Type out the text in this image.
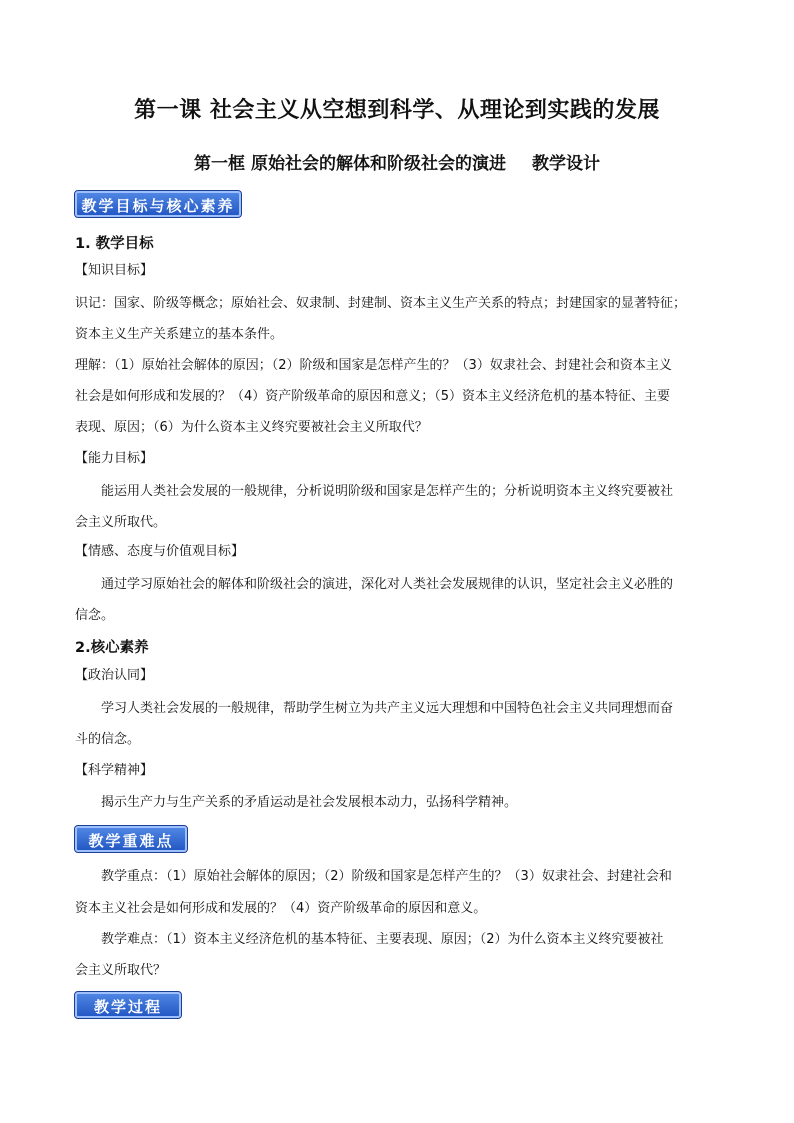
第一课 社会主义从空想到科学、从理论到实践的发展
第一框 原始社会的解体和阶级社会的演进 教学设计
教学目标与核心素养
1. 教学目标
【知识目标】
识记：国家、阶级等概念；原始社会、奴隶制、封建制、资本主义生产关系的特点；封建国家的显著特征；
资本主义生产关系建立的基本条件。
理解：（1）原始社会解体的原因；（2）阶级和国家是怎样产生的？（3）奴隶社会、封建社会和资本主义
社会是如何形成和发展的？（4）资产阶级革命的原因和意义；（5）资本主义经济危机的基本特征、主要
表现、原因；（6）为什么资本主义终究要被社会主义所取代？
【能力目标】
能运用人类社会发展的一般规律，分析说明阶级和国家是怎样产生的；分析说明资本主义终究要被社
会主义所取代。
【情感、态度与价值观目标】
通过学习原始社会的解体和阶级社会的演进，深化对人类社会发展规律的认识，坚定社会主义必胜的
信念。
2.核心素养
【政治认同】
学习人类社会发展的一般规律，帮助学生树立为共产主义远大理想和中国特色社会主义共同理想而奋
斗的信念。
【科学精神】
揭示生产力与生产关系的矛盾运动是社会发展根本动力，弘扬科学精神。
教学重难点
教学重点：（1）原始社会解体的原因；（2）阶级和国家是怎样产生的？（3）奴隶社会、封建社会和
资本主义社会是如何形成和发展的？（4）资产阶级革命的原因和意义。
教学难点：（1）资本主义经济危机的基本特征、主要表现、原因；（2）为什么资本主义终究要被社
会主义所取代？
教学过程
